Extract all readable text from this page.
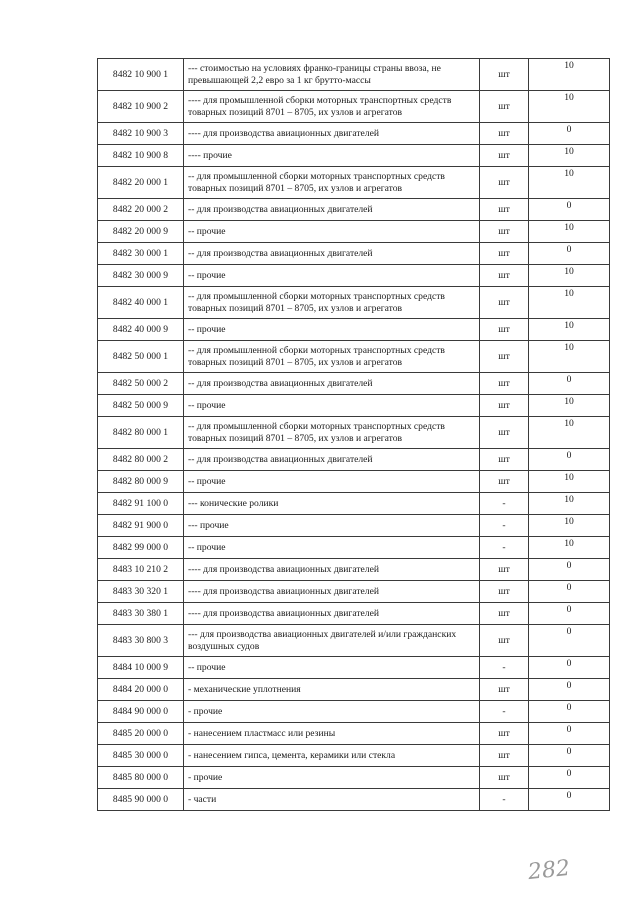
8482 10 900 1	--- стоимостью на условиях франко-границы страны ввоза, не превышающей 2,2 евро за 1 кг брутто-массы	шт	10
8482 10 900 2	---- для промышленной сборки моторных транспортных средств товарных позиций 8701 – 8705, их узлов и агрегатов	шт	10
8482 10 900 3	---- для производства авиационных двигателей	шт	0
8482 10 900 8	---- прочие	шт	10
8482 20 000 1	-- для промышленной сборки моторных транспортных средств товарных позиций 8701 – 8705, их узлов и агрегатов	шт	10
8482 20 000 2	-- для производства авиационных двигателей	шт	0
8482 20 000 9	-- прочие	шт	10
8482 30 000 1	-- для производства авиационных двигателей	шт	0
8482 30 000 9	-- прочие	шт	10
8482 40 000 1	-- для промышленной сборки моторных транспортных средств товарных позиций 8701 – 8705, их узлов и агрегатов	шт	10
8482 40 000 9	-- прочие	шт	10
8482 50 000 1	-- для промышленной сборки моторных транспортных средств товарных позиций 8701 – 8705, их узлов и агрегатов	шт	10
8482 50 000 2	-- для производства авиационных двигателей	шт	0
8482 50 000 9	-- прочие	шт	10
8482 80 000 1	-- для промышленной сборки моторных транспортных средств товарных позиций 8701 – 8705, их узлов и агрегатов	шт	10
8482 80 000 2	-- для производства авиационных двигателей	шт	0
8482 80 000 9	-- прочие	шт	10
8482 91 100 0	--- конические ролики	-	10
8482 91 900 0	--- прочие	-	10
8482 99 000 0	-- прочие	-	10
8483 10 210 2	---- для производства авиационных двигателей	шт	0
8483 30 320 1	---- для производства авиационных двигателей	шт	0
8483 30 380 1	---- для производства авиационных двигателей	шт	0
8483 30 800 3	--- для производства авиационных двигателей и/или гражданских воздушных судов	шт	0
8484 10 000 9	-- прочие	-	0
8484 20 000 0	- механические уплотнения	шт	0
8484 90 000 0	- прочие	-	0
8485 20 000 0	- нанесением пластмасс или резины	шт	0
8485 30 000 0	- нанесением гипса, цемента, керамики или стекла	шт	0
8485 80 000 0	- прочие	шт	0
8485 90 000 0	- части	-	0
282
